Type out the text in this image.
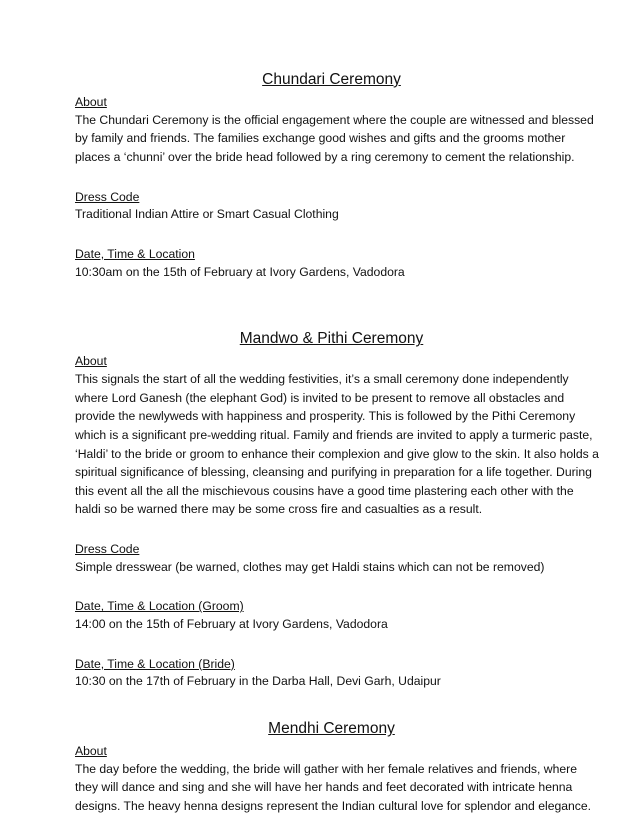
Chundari Ceremony

About

The Chundari Ceremony is the official engagement where the couple are witnessed and blessed
by family and friends. The families exchange good wishes and gifts and the grooms mother
places a ‘chunni’ over the bride head followed by a ring ceremony to cement the relationship.

Dress Code

Traditional Indian Attire or Smart Casual Clothing

Date, Time & Location

10:30am on the 15th of February at Ivory Gardens, Vadodora

Mandwo & Pithi Ceremony

About

This signals the start of all the wedding festivities, it’s a small ceremony done independently
where Lord Ganesh (the elephant God) is invited to be present to remove all obstacles and
provide the newlyweds with happiness and prosperity. This is followed by the Pithi Ceremony
which is a significant pre-wedding ritual. Family and friends are invited to apply a turmeric paste,
‘Haldi’ to the bride or groom to enhance their complexion and give glow to the skin. It also holds a
spiritual significance of blessing, cleansing and purifying in preparation for a life together. During
this event all the all the mischievous cousins have a good time plastering each other with the
haldi so be warned there may be some cross fire and casualties as a result.

Dress Code

Simple dresswear (be warned, clothes may get Haldi stains which can not be removed)

Date, Time & Location (Groom)

14:00 on the 15th of February at Ivory Gardens, Vadodora

Date, Time & Location (Bride)

10:30 on the 17th of February in the Darba Hall, Devi Garh, Udaipur

Mendhi Ceremony

About

The day before the wedding, the bride will gather with her female relatives and friends, where
they will dance and sing and she will have her hands and feet decorated with intricate henna
designs. The heavy henna designs represent the Indian cultural love for splendor and elegance.
